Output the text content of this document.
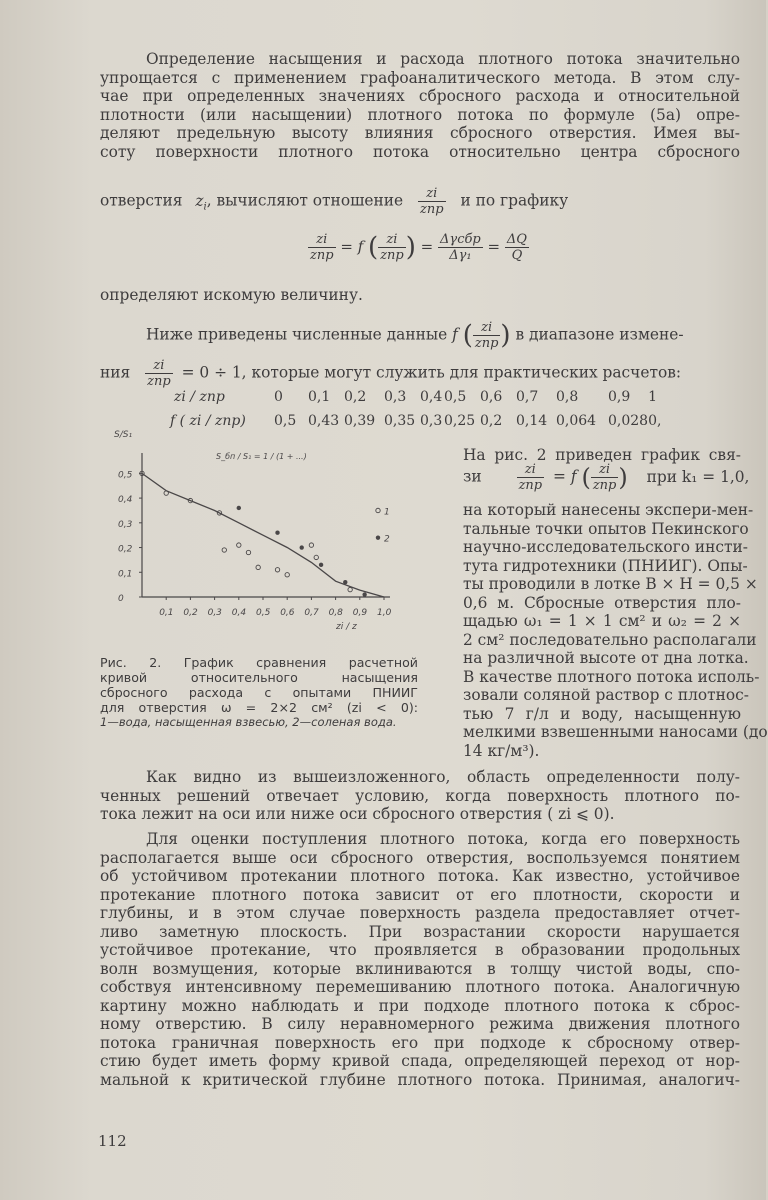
Определение насыщения и расхода плотного потока значительно
упрощается с применением графоаналитического метода. В этом слу-
чае при определенных значениях сбросного расхода и относительной
плотности (или насыщении) плотного потока по формуле (5а) опре-
деляют предельную высоту влияния сбросного отверстия. Имея вы-
соту поверхности плотного потока относительно центра сбросного
отверстия $z_i$, вычисляют отношение $\frac{zi}{\text{zпр}}$ и по графику
$\frac{zi}{\text{zпр}} = f$ ( $\frac{zi}{\text{zпр}}$ ) = $\frac{\text{Δγсбр}}{\text{Δγ₁}} = \frac{\Delta Q}{Q}$
определяют искомую величину.
Ниже приведены численные данные f ( $\frac{zi}{\text{zпр}}$ ) в диапазоне измене-
ния $\frac{zi}{\text{zпр}} = 0 \div 1$, которые могут служить для практических расчетов:
zi / zпр	0	0,1	0,2	0,3	0,4	0,5	0,6	0,7	0,8	0,9	1
f ( zi / zпр)	0,5	0,43	0,39	0,35	0,3	0,25	0,2	0,14	0,064	0,028	0,
0,5
0,4
0,3
0,2
0,1
0
0,1 0,2 0,3 0,4 0,5 0,6 0,7 0,8 0,9 1,0
S/S₁
zi / z
S_бп / S₁ = 1 / (1 + ...)
1
2
Рис. 2. График сравнения расчетной
кривой относительного насыщения
сбросного расхода с опытами ПНИИГ
для отверстия ω = 2×2 см² (zi < 0):
1—вода, насыщенная взвесью, 2—соленая вода.
На рис. 2 приведен график свя-
зи	$\frac{zi}{\text{zпр}} = f$ ( $\frac{zi}{\text{zпр}}$ ) при k₁ = 1,0,
на который нанесены экспери-мен-
тальные точки опытов Пекинского
научно-исследовательского инсти-
тута гидротехники (ПНИИГ). Опы-
ты проводили в лотке B × H = 0,5 ×
0,6 м. Сбросные отверстия пло-
щадью ω₁ = 1 × 1 см² и ω₂ = 2 ×
2 см² последовательно располагали
на различной высоте от дна лотка.
В качестве плотного потока исполь-
зовали соляной раствор с плотнос-
тью 7 г/л и воду, насыщенную
мелкими взвешенными наносами (до
14 кг/м³).
Как видно из вышеизложенного, область определенности полу-
ченных решений отвечает условию, когда поверхность плотного по-
тока лежит на оси или ниже оси сбросного отверстия ( zi ⩽ 0).
Для оценки поступления плотного потока, когда его поверхность
располагается выше оси сбросного отверстия, воспользуемся понятием
об устойчивом протекании плотного потока. Как известно, устойчивое
протекание плотного потока зависит от его плотности, скорости и
глубины, и в этом случае поверхность раздела предоставляет отчет-
ливо заметную плоскость. При возрастании скорости нарушается
устойчивое протекание, что проявляется в образовании продольных
волн возмущения, которые вклиниваются в толщу чистой воды, спо-
собствуя интенсивному перемешиванию плотного потока. Аналогичную
картину можно наблюдать и при подходе плотного потока к сброс-
ному отверстию. В силу неравномерного режима движения плотного
потока граничная поверхность его при подходе к сбросному отвер-
стию будет иметь форму кривой спада, определяющей переход от нор-
мальной к критической глубине плотного потока. Принимая, аналогич-
112
